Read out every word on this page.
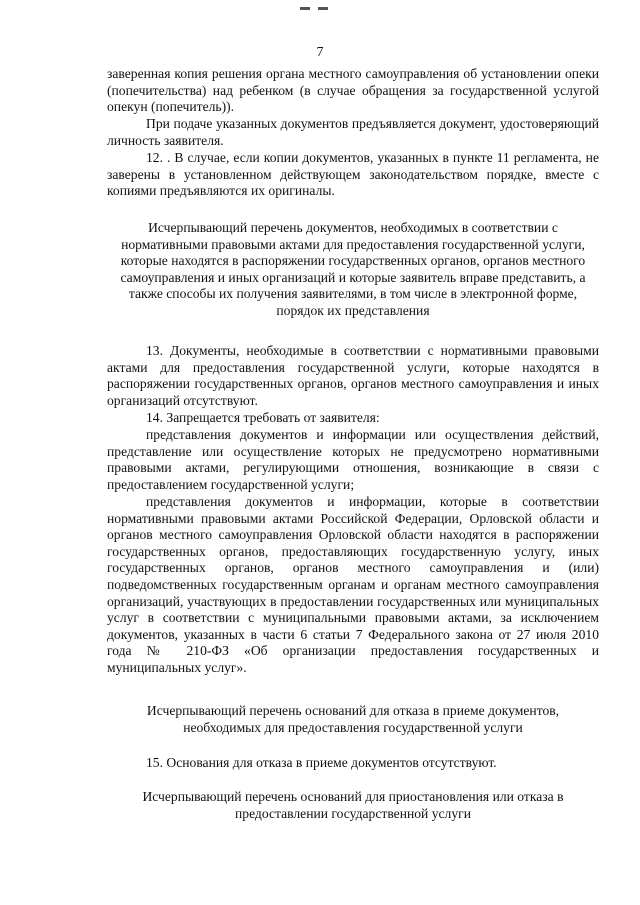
7

заверенная копия решения органа местного самоуправления об установлении опеки (попечительства) над ребенком (в случае обращения за государственной услугой опекун (попечитель)).

При подаче указанных документов предъявляется документ, удостоверяющий личность заявителя.

12. . В случае, если копии документов, указанных в пункте 11 регламента, не заверены в установленном действующем законодательством порядке, вместе с копиями предъявляются их оригиналы.

Исчерпывающий перечень документов, необходимых в соответствии с нормативными правовыми актами для предоставления государственной услуги, которые находятся в распоряжении государственных органов, органов местного самоуправления и иных организаций и которые заявитель вправе представить, а также способы их получения заявителями, в том числе в электронной форме, порядок их представления

13. Документы, необходимые в соответствии с нормативными правовыми актами для предоставления государственной услуги, которые находятся в распоряжении государственных органов, органов местного самоуправления и иных организаций отсутствуют.

14. Запрещается требовать от заявителя:

представления документов и информации или осуществления действий, представление или осуществление которых не предусмотрено нормативными правовыми актами, регулирующими отношения, возникающие в связи с предоставлением государственной услуги;

представления документов и информации, которые в соответствии нормативными правовыми актами Российской Федерации, Орловской области и органов местного самоуправления Орловской области находятся в распоряжении государственных органов, предоставляющих государственную услугу, иных государственных органов, органов местного самоуправления и (или) подведомственных государственным органам и органам местного самоуправления организаций, участвующих в предоставлении государственных или муниципальных услуг в соответствии с муниципальными правовыми актами, за исключением документов, указанных в части 6 статьи 7 Федерального закона от 27 июля 2010 года № 210-ФЗ «Об организации предоставления государственных и муниципальных услуг».

Исчерпывающий перечень оснований для отказа в приеме документов, необходимых для предоставления государственной услуги

15. Основания для отказа в приеме документов отсутствуют.

Исчерпывающий перечень оснований для приостановления или отказа в предоставлении государственной услуги
